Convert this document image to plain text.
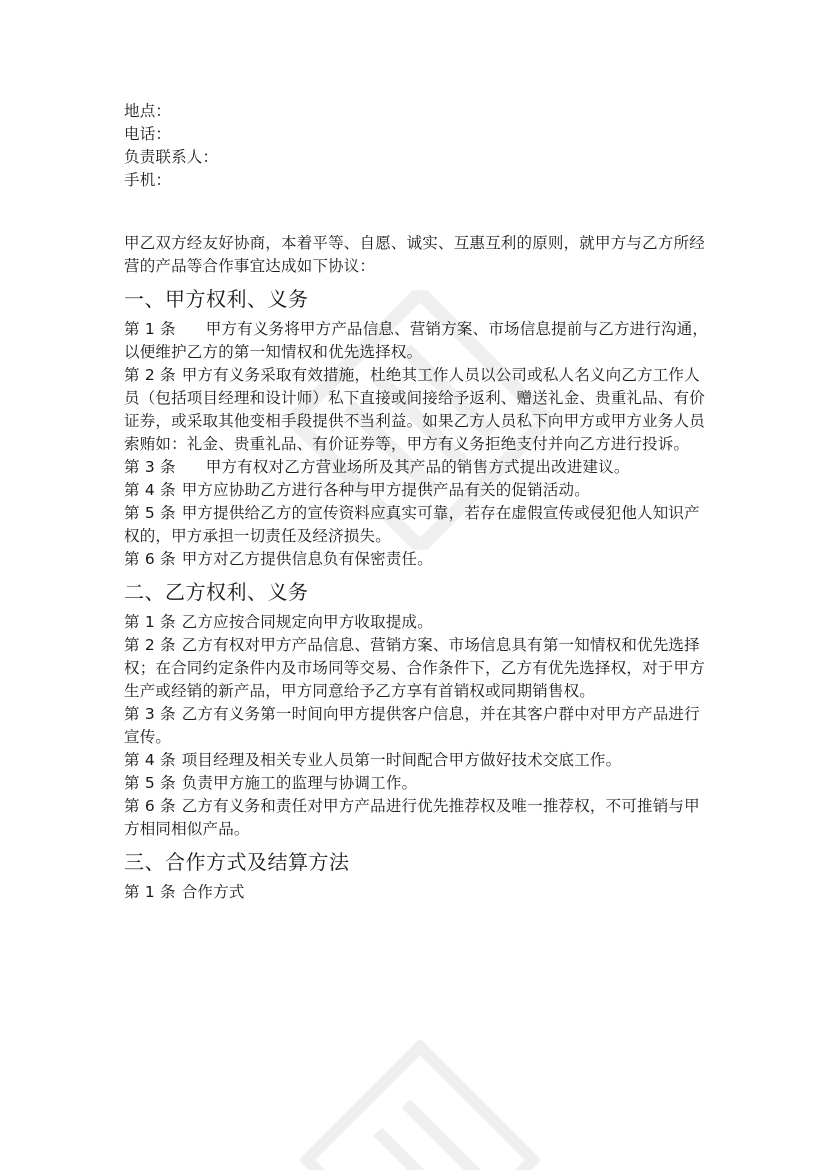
地点：
电话：
负责联系人：
手机：
甲乙双方经友好协商，本着平等、自愿、诚实、互惠互利的原则，就甲方与乙方所经营的产品等合作事宜达成如下协议：
一、甲方权利、义务
第 1 条 甲方有义务将甲方产品信息、营销方案、市场信息提前与乙方进行沟通，以便维护乙方的第一知情权和优先选择权。
第 2 条 甲方有义务采取有效措施，杜绝其工作人员以公司或私人名义向乙方工作人员（包括项目经理和设计师）私下直接或间接给予返利、赠送礼金、贵重礼品、有价证券，或采取其他变相手段提供不当利益。如果乙方人员私下向甲方或甲方业务人员索贿如：礼金、贵重礼品、有价证券等，甲方有义务拒绝支付并向乙方进行投诉。
第 3 条 甲方有权对乙方营业场所及其产品的销售方式提出改进建议。
第 4 条 甲方应协助乙方进行各种与甲方提供产品有关的促销活动。
第 5 条 甲方提供给乙方的宣传资料应真实可靠，若存在虚假宣传或侵犯他人知识产权的，甲方承担一切责任及经济损失。
第 6 条 甲方对乙方提供信息负有保密责任。
二、乙方权利、义务
第 1 条 乙方应按合同规定向甲方收取提成。
第 2 条 乙方有权对甲方产品信息、营销方案、市场信息具有第一知情权和优先选择权；在合同约定条件内及市场同等交易、合作条件下，乙方有优先选择权，对于甲方生产或经销的新产品，甲方同意给予乙方享有首销权或同期销售权。
第 3 条 乙方有义务第一时间向甲方提供客户信息，并在其客户群中对甲方产品进行宣传。
第 4 条 项目经理及相关专业人员第一时间配合甲方做好技术交底工作。
第 5 条 负责甲方施工的监理与协调工作。
第 6 条 乙方有义务和责任对甲方产品进行优先推荐权及唯一推荐权，不可推销与甲方相同相似产品。
三、合作方式及结算方法
第 1 条 合作方式
